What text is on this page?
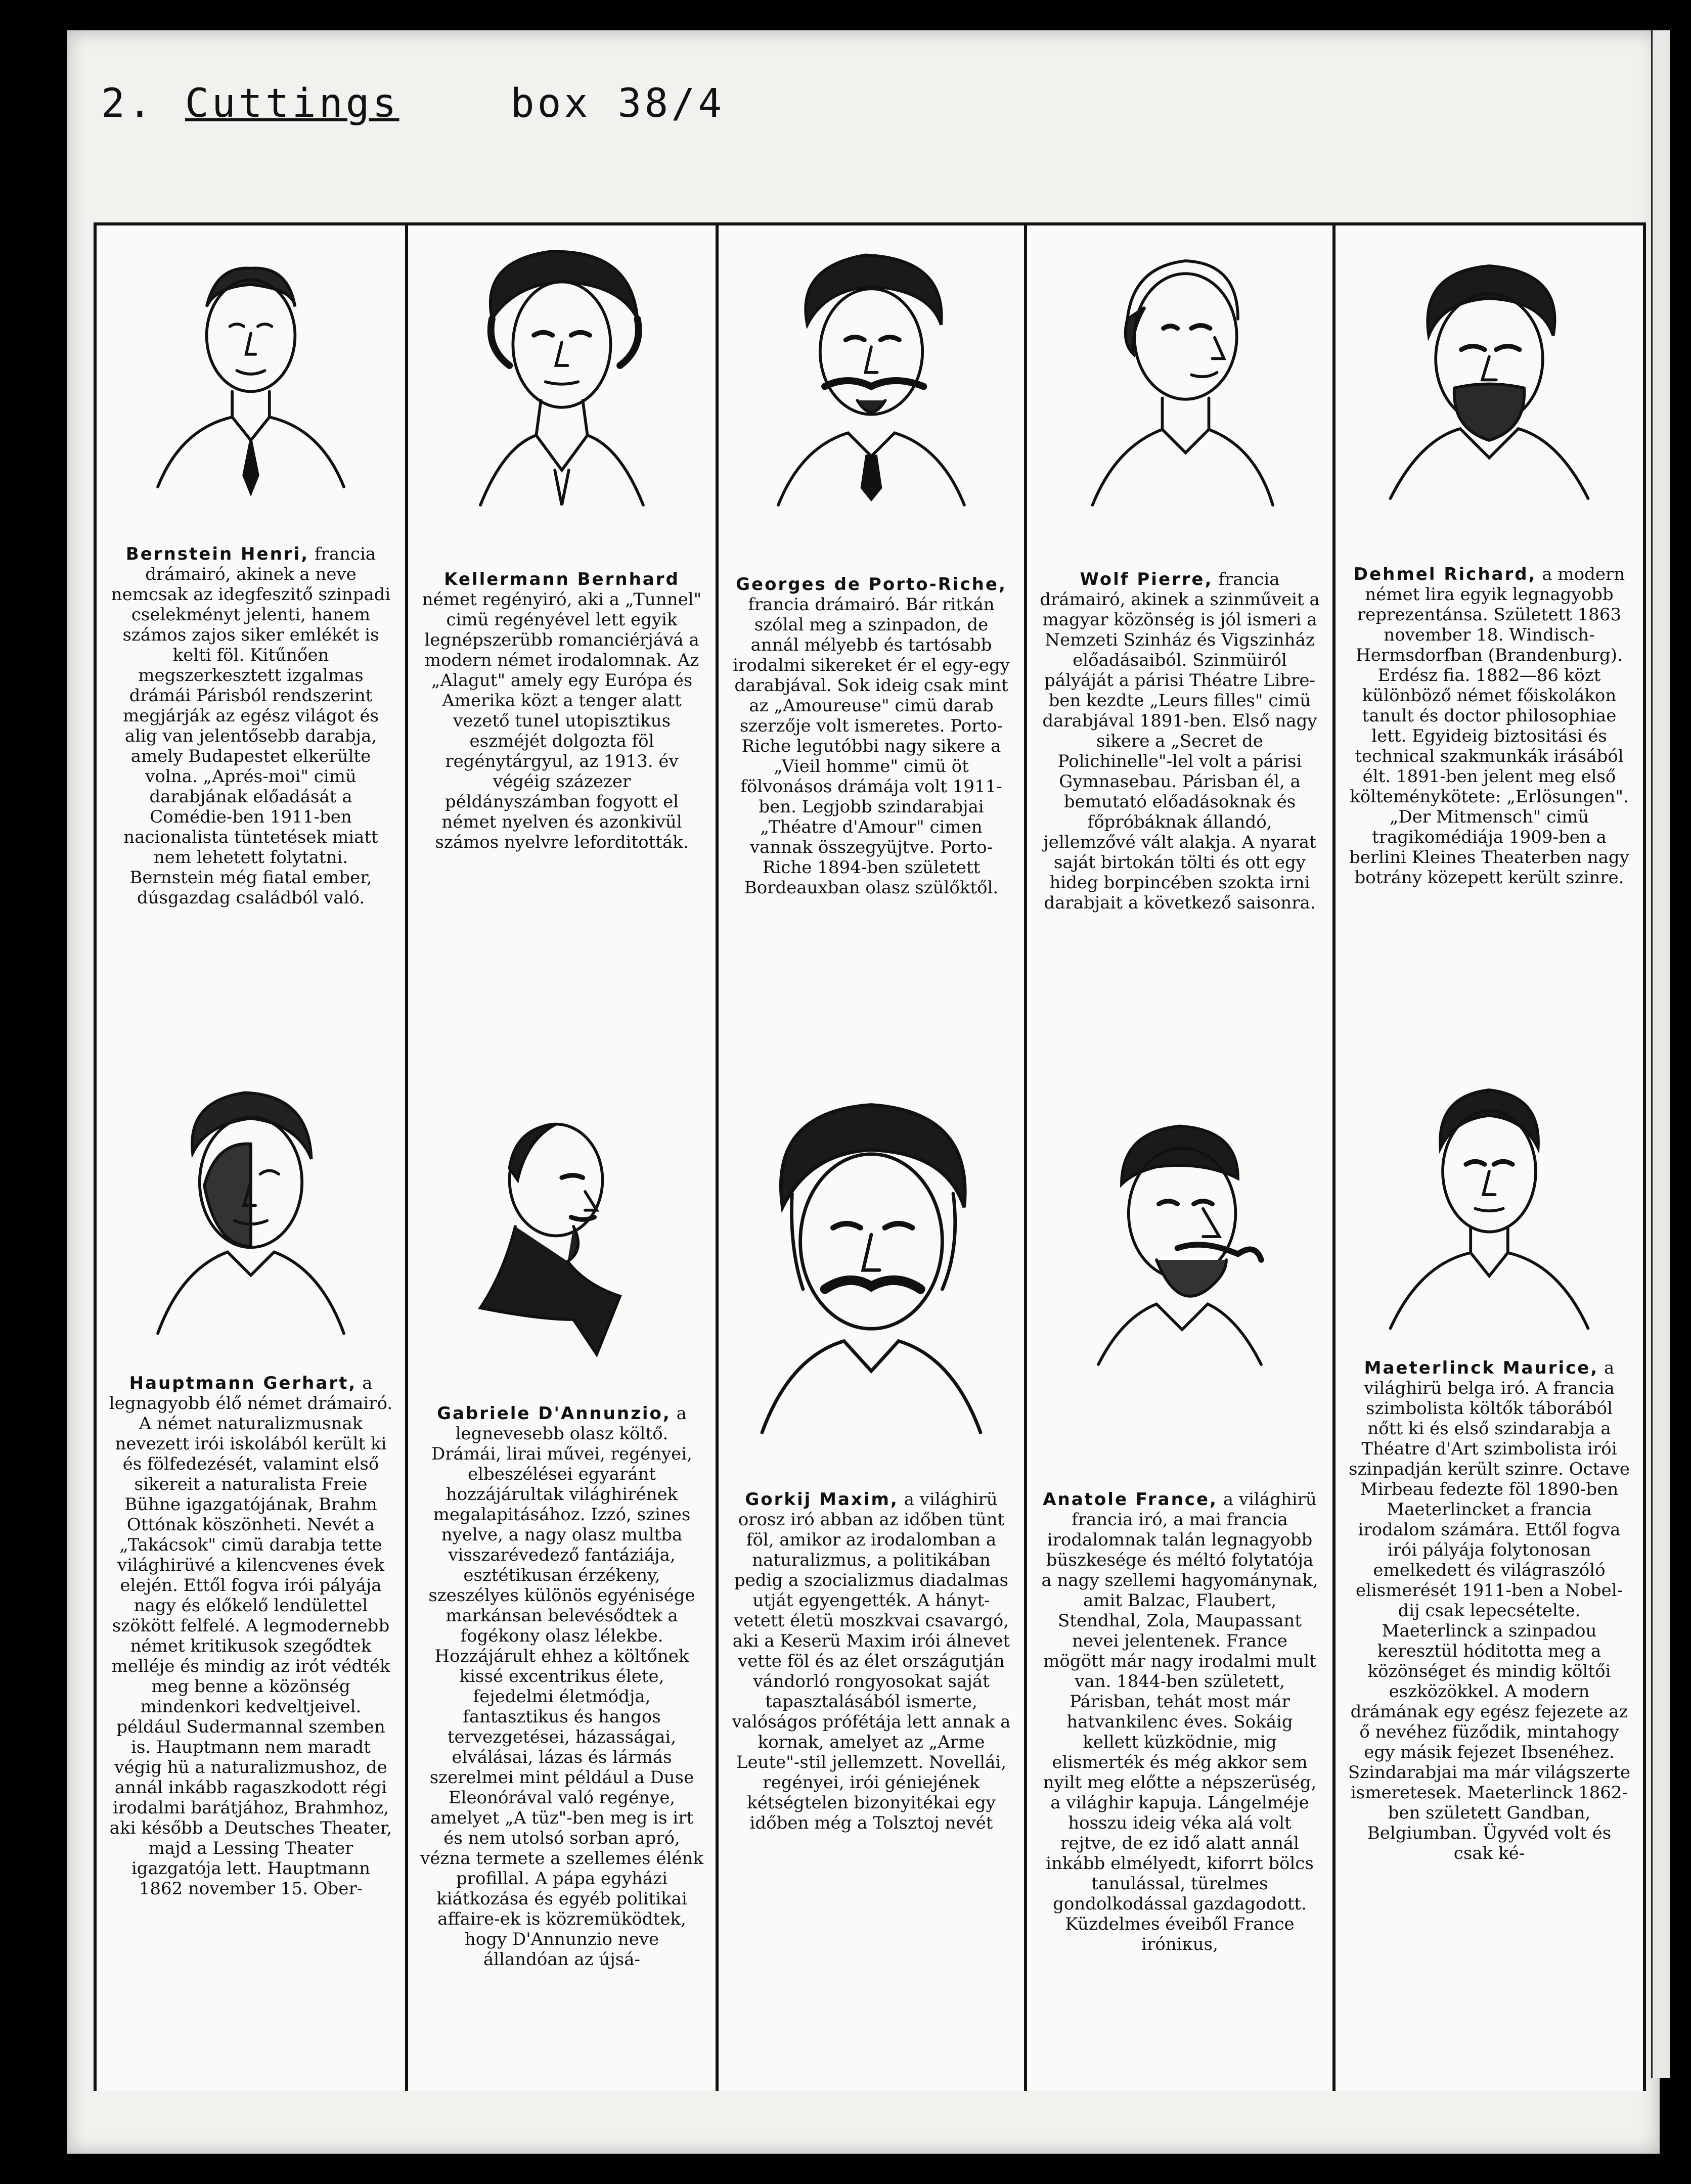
2. Cuttings	box 38/4
Bernstein Henri, francia drámairó, akinek a neve nemcsak az idegfeszitő szinpadi cselekményt jelenti, hanem számos zajos siker emlékét is kelti föl. Kitűnően megszerkesztett izgalmas drámái Párisból rendszerint megjárják az egész világot és alig van jelentősebb darabja, amely Budapestet elkerülte volna. „Aprés-moi" cimü darabjának előadását a Comédie-ben 1911-ben nacionalista tüntetések miatt nem lehetett folytatni. Bernstein még fiatal ember, dúsgazdag családból való.
Hauptmann Gerhart, a legnagyobb élő német drámairó. A német naturalizmusnak nevezett irói iskolából került ki és fölfedezését, valamint első sikereit a naturalista Freie Bühne igazgatójának, Brahm Ottónak köszönheti. Nevét a „Takácsok" cimü darabja tette világhirüvé a kilencvenes évek elején. Ettől fogva irói pályája nagy és előkelő lendülettel szökött felfelé. A legmodernebb német kritikusok szegődtek melléje és mindig az irót védték meg benne a közönség mindenkori kedveltjeivel. például Sudermannal szemben is. Hauptmann nem maradt végig hü a naturalizmushoz, de annál inkább ragaszkodott régi irodalmi barátjához, Brahmhoz, aki később a Deutsches Theater, majd a Lessing Theater igazgatója lett. Hauptmann 1862 november 15. Ober-
Kellermann Bernhard német regényiró, aki a „Tunnel" cimü regényével lett egyik legnépszerübb romanciérjává a modern német irodalomnak. Az „Alagut" amely egy Európa és Amerika közt a tenger alatt vezető tunel utopisztikus eszméjét dolgozta föl regénytárgyul, az 1913. év végéig százezer példányszámban fogyott el német nyelven és azonkivül számos nyelvre leforditották.
Gabriele D'Annunzio, a legnevesebb olasz költő. Drámái, lirai művei, regényei, elbeszélései egyaránt hozzájárultak világhirének megalapitásához. Izzó, szines nyelve, a nagy olasz multba visszarévedező fantáziája, esztétikusan érzékeny, szeszélyes különös egyénisége markánsan belevésődtek a fogékony olasz lélekbe. Hozzájárult ehhez a költőnek kissé excentrikus élete, fejedelmi életmódja, fantasztikus és hangos tervezgetései, házasságai, elválásai, lázas és lármás szerelmei mint például a Duse Eleonórával való regénye, amelyet „A tüz"-ben meg is irt és nem utolsó sorban apró, vézna termete a szellemes élénk profillal. A pápa egyházi kiátkozása és egyéb politikai affaire-ek is közremüködtek, hogy D'Annunzio neve állandóan az újsá-
Georges de Porto-Riche, francia drámairó. Bár ritkán szólal meg a szinpadon, de annál mélyebb és tartósabb irodalmi sikereket ér el egy-egy darabjával. Sok ideig csak mint az „Amoureuse" cimü darab szerzője volt ismeretes. Porto-Riche legutóbbi nagy sikere a „Vieil homme" cimü öt fölvonásos drámája volt 1911-ben. Legjobb szindarabjai „Théatre d'Amour" cimen vannak összegyüjtve. Porto-Riche 1894-ben született Bordeauxban olasz szülőktől.
Gorkij Maxim, a világhirü orosz iró abban az időben tünt föl, amikor az irodalomban a naturalizmus, a politikában pedig a szocializmus diadalmas utját egyengették. A hányt-vetett életü moszkvai csavargó, aki a Keserü Maxim irói álnevet vette föl és az élet országutján vándorló rongyosokat saját tapasztalásából ismerte, valóságos prófétája lett annak a kornak, amelyet az „Arme Leute"-stil jellemzett. Novellái, regényei, irói géniejének kétségtelen bizonyitékai egy időben még a Tolsztoj nevét
Wolf Pierre, francia drámairó, akinek a szinműveit a magyar közönség is jól ismeri a Nemzeti Szinház és Vigszinház előadásaiból. Szinmüiról pályáját a párisi Théatre Libre-ben kezdte „Leurs filles" cimü darabjával 1891-ben. Első nagy sikere a „Secret de Polichinelle"-lel volt a párisi Gymnasebau. Párisban él, a bemutató előadásoknak és főpróbáknak állandó, jellemzővé vált alakja. A nyarat saját birtokán tölti és ott egy hideg borpincében szokta irni darabjait a következő saisonra.
Anatole France, a világhirü francia iró, a mai francia irodalomnak talán legnagyobb büszkesége és méltó folytatója a nagy szellemi hagyománynak, amit Balzac, Flaubert, Stendhal, Zola, Maupassant nevei jelentenek. France mögött már nagy irodalmi mult van. 1844-ben született, Párisban, tehát most már hatvankilenc éves. Sokáig kellett küzködnie, mig elismerték és még akkor sem nyilt meg előtte a népszerüség, a világhir kapuja. Lángelméje hosszu ideig véka alá volt rejtve, de ez idő alatt annál inkább elmélyedt, kiforrt bölcs tanulással, türelmes gondolkodással gazdagodott. Küzdelmes éveiből France iróniкus,
Dehmel Richard, a modern német lira egyik legnagyobb reprezentánsa. Született 1863 november 18. Windisch-Hermsdorfban (Brandenburg). Erdész fia. 1882—86 közt különböző német főiskolákon tanult és doctor philosophiae lett. Egyideig biztositási és technical szakmunkák irásából élt. 1891-ben jelent meg első költeménykötete: „Erlösungen". „Der Mitmensch" cimü tragikomédiája 1909-ben a berlini Kleines Theaterben nagy botrány közepett került szinre.
Maeterlinck Maurice, a világhirü belga iró. A francia szimbolista költők táborából nőtt ki és első szindarabja a Théatre d'Art szimbolista irói szinpadján került szinre. Octave Mirbeau fedezte föl 1890-ben Maeterlincket a francia irodalom számára. Ettől fogva irói pályája folytonosan emelkedett és világraszóló elismerését 1911-ben a Nobel-dij csak lepecsételte. Maeterlinck a szinpadou keresztül hóditotta meg a közönséget és mindig költői eszközökkel. A modern drámának egy egész fejezete az ő nevéhez füződik, mintahogy egy másik fejezet Ibsenéhez. Szindarabjai ma már világszerte ismeretesek. Maeterlinck 1862-ben született Gandban, Belgiumban. Ügyvéd volt és csak ké-
